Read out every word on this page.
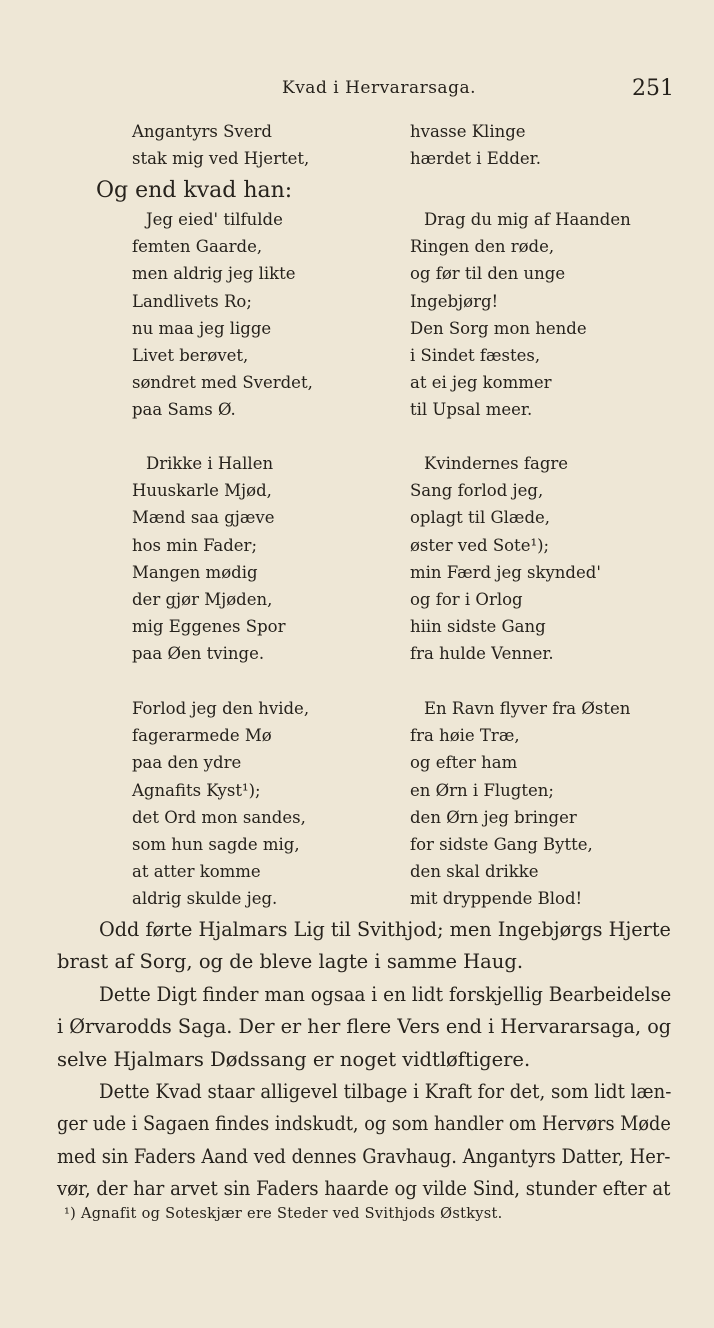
Kvad i Hervararsaga.	251
Angantyrs Sverd
stak mig ved Hjertet,
hvasse Klinge
hærdet i Edder.
Og end kvad han:
Jeg eied' tilfulde
femten Gaarde,
men aldrig jeg likte
Landlivets Ro;
nu maa jeg ligge
Livet berøvet,
søndret med Sverdet,
paa Sams Ø.
Drag du mig af Haanden
Ringen den røde,
og før til den unge
Ingebjørg!
Den Sorg mon hende
i Sindet fæstes,
at ei jeg kommer
til Upsal meer.
Drikke i Hallen
Huuskarle Mjød,
Mænd saa gjæve
hos min Fader;
Mangen mødig
der gjør Mjøden,
mig Eggenes Spor
paa Øen tvinge.
Kvindernes fagre
Sang forlod jeg,
oplagt til Glæde,
øster ved Sote¹);
min Færd jeg skynded'
og for i Orlog
hiin sidste Gang
fra hulde Venner.
Forlod jeg den hvide,
fagerarmede Mø
paa den ydre
Agnafits Kyst¹);
det Ord mon sandes,
som hun sagde mig,
at atter komme
aldrig skulde jeg.
En Ravn flyver fra Østen
fra høie Træ,
og efter ham
en Ørn i Flugten;
den Ørn jeg bringer
for sidste Gang Bytte,
den skal drikke
mit dryppende Blod!
Odd førte Hjalmars Lig til Svithjod; men Ingebjørgs Hjerte
brast af Sorg, og de bleve lagte i samme Haug.
Dette Digt finder man ogsaa i en lidt forskjellig Bearbeidelse
i Ørvarodds Saga. Der er her flere Vers end i Hervararsaga, og
selve Hjalmars Dødssang er noget vidtløftigere.
Dette Kvad staar alligevel tilbage i Kraft for det, som lidt læn-
ger ude i Sagaen findes indskudt, og som handler om Hervørs Møde
med sin Faders Aand ved dennes Gravhaug. Angantyrs Datter, Her-
vør, der har arvet sin Faders haarde og vilde Sind, stunder efter at
¹) Agnafit og Soteskjær ere Steder ved Svithjods Østkyst.
